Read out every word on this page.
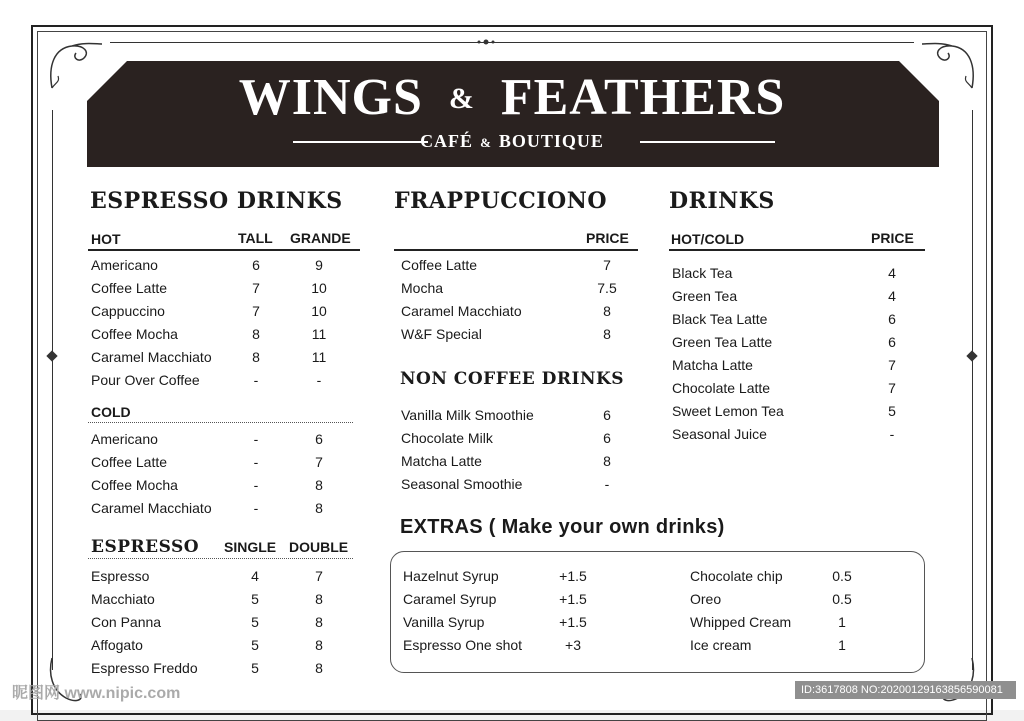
WINGS & FEATHERS
CAFÉ & BOUTIQUE
ESPRESSO DRINKS
HOT	TALL GRANDE
Americano	6	9
Coffee Latte	7	10
Cappuccino	7	10
Coffee Mocha	8	11
Caramel Macchiato	8	11
Pour Over Coffee	-	-
COLD
Americano	-	6
Coffee Latte	-	7
Coffee Mocha	-	8
Caramel Macchiato	-	8
ESPRESSO SINGLE DOUBLE
Espresso	4	7
Macchiato	5	8
Con Panna	5	8
Affogato	5	8
Espresso Freddo	5	8
FRAPPUCCIONO
PRICE
Coffee Latte	7
Mocha	7.5
Caramel Macchiato	8
W&F Special	8
NON COFFEE DRINKS
Vanilla Milk Smoothie	6
Chocolate Milk	6
Matcha Latte	8
Seasonal Smoothie	-
DRINKS
HOT/COLD	PRICE
Black Tea	4
Green Tea	4
Black Tea Latte	6
Green Tea Latte	6
Matcha Latte	7
Chocolate Latte	7
Sweet Lemon Tea	5
Seasonal Juice	-
EXTRAS ( Make your own drinks)
Hazelnut Syrup	+1.5
Caramel Syrup	+1.5
Vanilla Syrup	+1.5
Espresso One shot	+3
Chocolate chip	0.5
Oreo	0.5
Whipped Cream	1
Ice cream	1
昵图网 www.nipic.com	ID:3617808 NO:20200129163856590081
